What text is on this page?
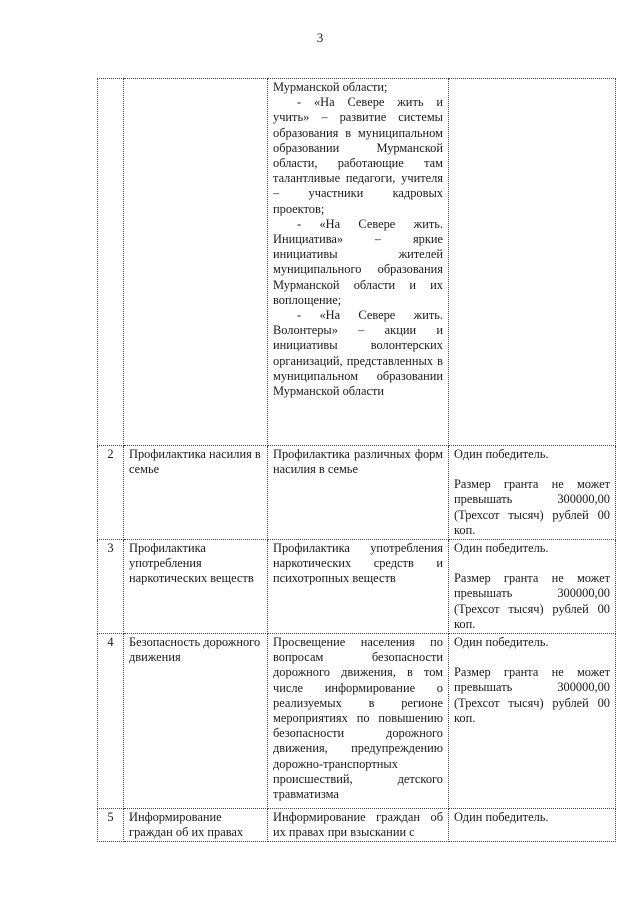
3

		Мурманской области;
- «На Севере жить и учить» – развитие системы образования в муниципальном образовании Мурманской области, работающие там талантливые педагоги, учителя – участники кадровых проектов;
- «На Севере жить. Инициатива» – яркие инициативы жителей муниципального образования Мурманской области и их воплощение;
- «На Севере жить. Волонтеры» – акции и инициативы волонтерских организаций, представленных в муниципальном образовании Мурманской области	

2	Профилактика насилия в семье	Профилактика различных форм насилия в семье	Один победитель.
Размер гранта не может превышать 300000,00 (Трехсот тысяч) рублей 00 коп.

3	Профилактика употребления наркотических веществ	Профилактика употребления наркотических средств и психотропных веществ	Один победитель.
Размер гранта не может превышать 300000,00 (Трехсот тысяч) рублей 00 коп.

4	Безопасность дорожного движения	Просвещение населения по вопросам безопасности дорожного движения, в том числе информирование о реализуемых в регионе мероприятиях по повышению безопасности дорожного движения, предупреждению дорожно-транспортных происшествий, детского травматизма	Один победитель.
Размер гранта не может превышать 300000,00 (Трехсот тысяч) рублей 00 коп.

5	Информирование граждан об их правах	Информирование граждан об их правах при взыскании с	Один победитель.
